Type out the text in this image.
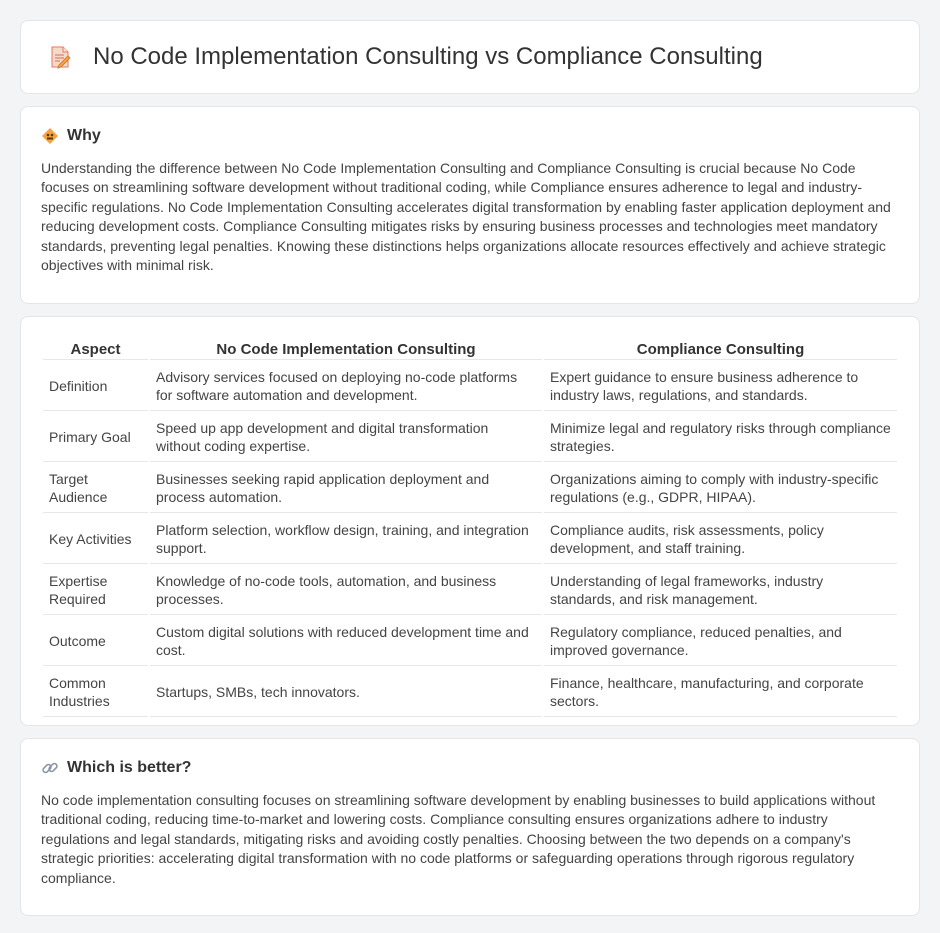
No Code Implementation Consulting vs Compliance Consulting
Why

Understanding the difference between No Code Implementation Consulting and Compliance Consulting is crucial because No Code focuses on streamlining software development without traditional coding, while Compliance ensures adherence to legal and industry-specific regulations. No Code Implementation Consulting accelerates digital transformation by enabling faster application deployment and reducing development costs. Compliance Consulting mitigates risks by ensuring business processes and technologies meet mandatory standards, preventing legal penalties. Knowing these distinctions helps organizations allocate resources effectively and achieve strategic objectives with minimal risk.

Aspect	No Code Implementation Consulting	Compliance Consulting
Definition	Advisory services focused on deploying no-code platforms for software automation and development.	Expert guidance to ensure business adherence to industry laws, regulations, and standards.
Primary Goal	Speed up app development and digital transformation without coding expertise.	Minimize legal and regulatory risks through compliance strategies.
Target Audience	Businesses seeking rapid application deployment and process automation.	Organizations aiming to comply with industry-specific regulations (e.g., GDPR, HIPAA).
Key Activities	Platform selection, workflow design, training, and integration support.	Compliance audits, risk assessments, policy development, and staff training.
Expertise Required	Knowledge of no-code tools, automation, and business processes.	Understanding of legal frameworks, industry standards, and risk management.
Outcome	Custom digital solutions with reduced development time and cost.	Regulatory compliance, reduced penalties, and improved governance.
Common Industries	Startups, SMBs, tech innovators.	Finance, healthcare, manufacturing, and corporate sectors.
Which is better?

No code implementation consulting focuses on streamlining software development by enabling businesses to build applications without traditional coding, reducing time-to-market and lowering costs. Compliance consulting ensures organizations adhere to industry regulations and legal standards, mitigating risks and avoiding costly penalties. Choosing between the two depends on a company's strategic priorities: accelerating digital transformation with no code platforms or safeguarding operations through rigorous regulatory compliance.
